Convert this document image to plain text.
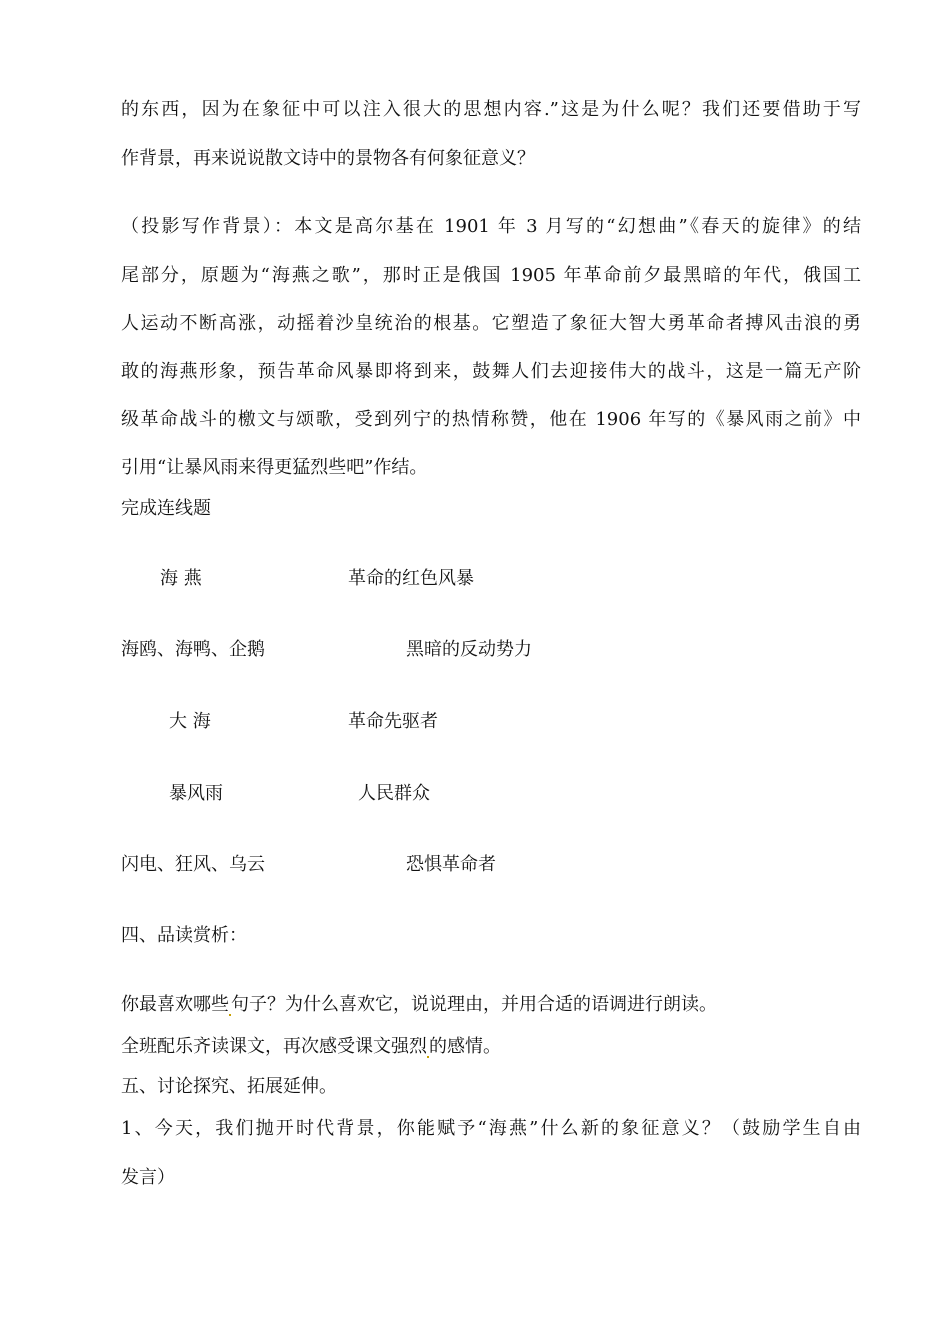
的东西，因为在象征中可以注入很大的思想内容.”这是为什么呢？我们还要借助于写
作背景，再来说说散文诗中的景物各有何象征意义？
（投影写作背景）：本文是高尔基在 1901 年 3 月写的“幻想曲”《春天的旋律》的结
尾部分，原题为“海燕之歌”，那时正是俄国 1905 年革命前夕最黑暗的年代，俄国工
人运动不断高涨，动摇着沙皇统治的根基。它塑造了象征大智大勇革命者搏风击浪的勇
敢的海燕形象，预告革命风暴即将到来，鼓舞人们去迎接伟大的战斗，这是一篇无产阶
级革命战斗的檄文与颂歌，受到列宁的热情称赞，他在 1906 年写的《暴风雨之前》中
引用“让暴风雨来得更猛烈些吧”作结。
完成连线题
海 燕	革命的红色风暴
海鸥、海鸭、企鹅	黑暗的反动势力
大 海	革命先驱者
暴风雨	人民群众
闪电、狂风、乌云	恐惧革命者
四、品读赏析：
你最喜欢哪些 句子？为什么喜欢它，说说理由，并用合适的语调进行朗读。
全班配乐齐读课文，再次感受课文强烈 的感情。
五、讨论探究、拓展延伸。
1、今天，我们抛开时代背景，你能赋予“海燕”什么新的象征意义？（鼓励学生自由
发言）
